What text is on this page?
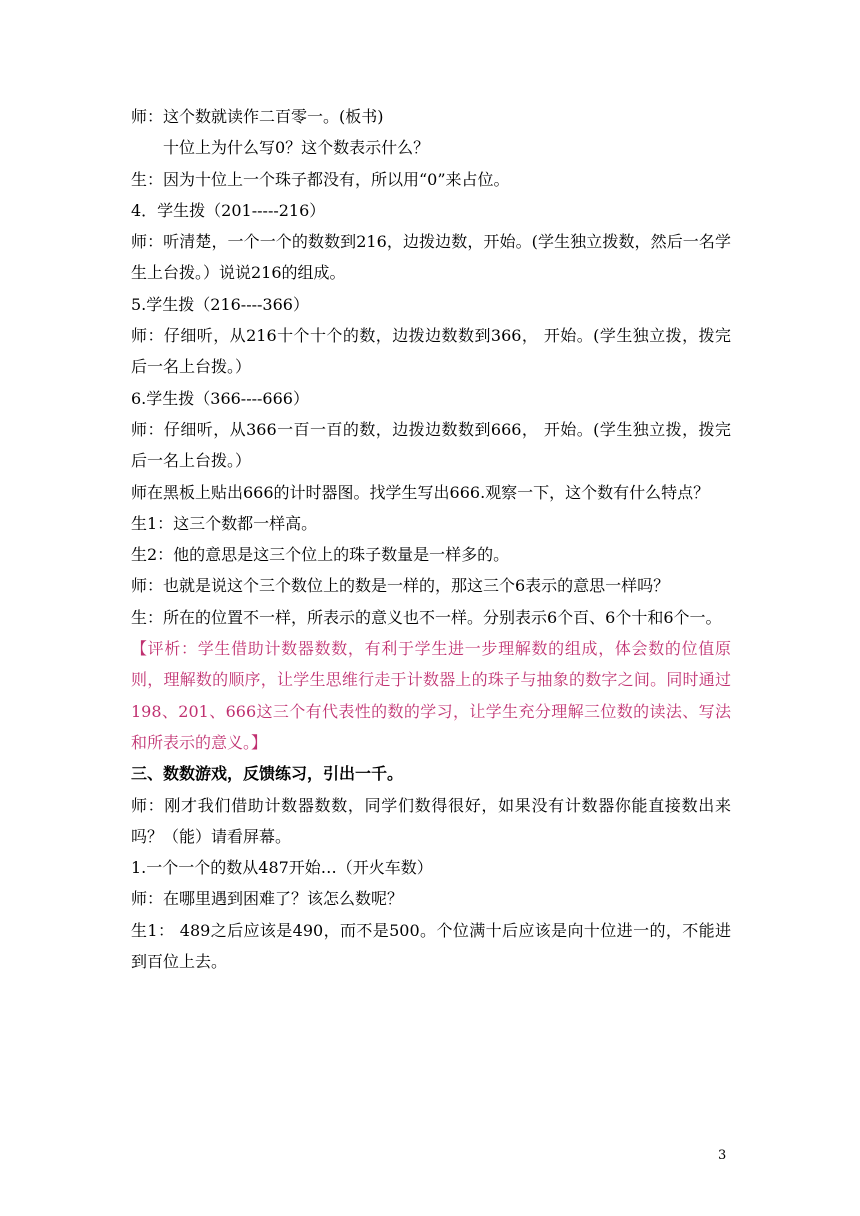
师：这个数就读作二百零一。(板书)

十位上为什么写0？这个数表示什么？

生：因为十位上一个珠子都没有，所以用“0”来占位。

4．学生拨（201-----216）

师：听清楚，一个一个的数数到216，边拨边数，开始。(学生独立拨数，然后一名学生上台拨。）说说216的组成。

5.学生拨（216----366）

师：仔细听，从216十个十个的数，边拨边数数到366， 开始。(学生独立拨，拨完后一名上台拨。）

6.学生拨（366----666）

师：仔细听，从366一百一百的数，边拨边数数到666， 开始。(学生独立拨，拨完后一名上台拨。）

师在黑板上贴出666的计时器图。找学生写出666.观察一下，这个数有什么特点？

生1：这三个数都一样高。

生2：他的意思是这三个位上的珠子数量是一样多的。

师：也就是说这个三个数位上的数是一样的，那这三个6表示的意思一样吗？

生：所在的位置不一样，所表示的意义也不一样。分别表示6个百、6个十和6个一。

【评析：学生借助计数器数数，有利于学生进一步理解数的组成，体会数的位值原则，理解数的顺序，让学生思维行走于计数器上的珠子与抽象的数字之间。同时通过198、201、666这三个有代表性的数的学习，让学生充分理解三位数的读法、写法和所表示的意义。】

三、数数游戏，反馈练习，引出一千。

师：刚才我们借助计数器数数，同学们数得很好，如果没有计数器你能直接数出来吗？（能）请看屏幕。

1.一个一个的数从487开始…（开火车数）

师：在哪里遇到困难了？该怎么数呢？

生1： 489之后应该是490，而不是500。个位满十后应该是向十位进一的，不能进到百位上去。

3
